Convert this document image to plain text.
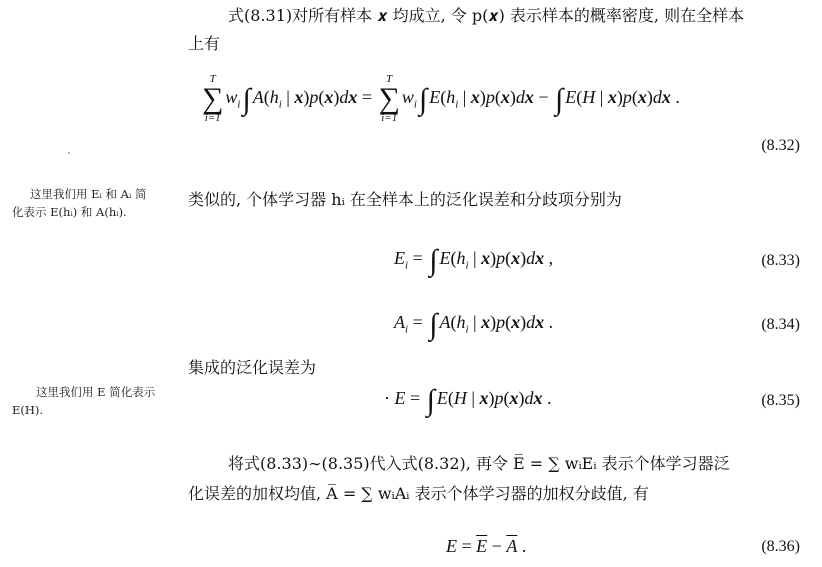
式(8.31)对所有样本 𝒙 均成立, 令 p(𝒙) 表示样本的概率密度, 则在全样本
上有
T
∑
i=1
$w_i\int$ $A(h_i$ | x)p(x)dx =
T
∑
i=1
$w_i\int$ $E(h_i$ | x)p(x)dx − ∫ E(H | x)p(x)dx .
(8.32)
这里我们用 Eᵢ 和 Aᵢ 简
化表示 E(hᵢ) 和 A(hᵢ).
类似的, 个体学习器 hᵢ 在全样本上的泛化误差和分歧项分别为
$E_i$ = ∫ $E(h_i$ | x)p(x)dx ,	(8.33)
$A_i$ = ∫ $A(h_i$ | x)p(x)dx .	(8.34)
集成的泛化误差为
这里我们用 E 简化表示
E(H).
· E = ∫ E(H | x)p(x)dx .	(8.35)
将式(8.33)∼(8.35)代入式(8.32), 再令 E̅ = ∑ wᵢEᵢ 表示个体学习器泛
化误差的加权均值, A̅ = ∑ wᵢAᵢ 表示个体学习器的加权分歧值, 有
$E = \overline{E} - \overline{A}$ .	(8.36)
